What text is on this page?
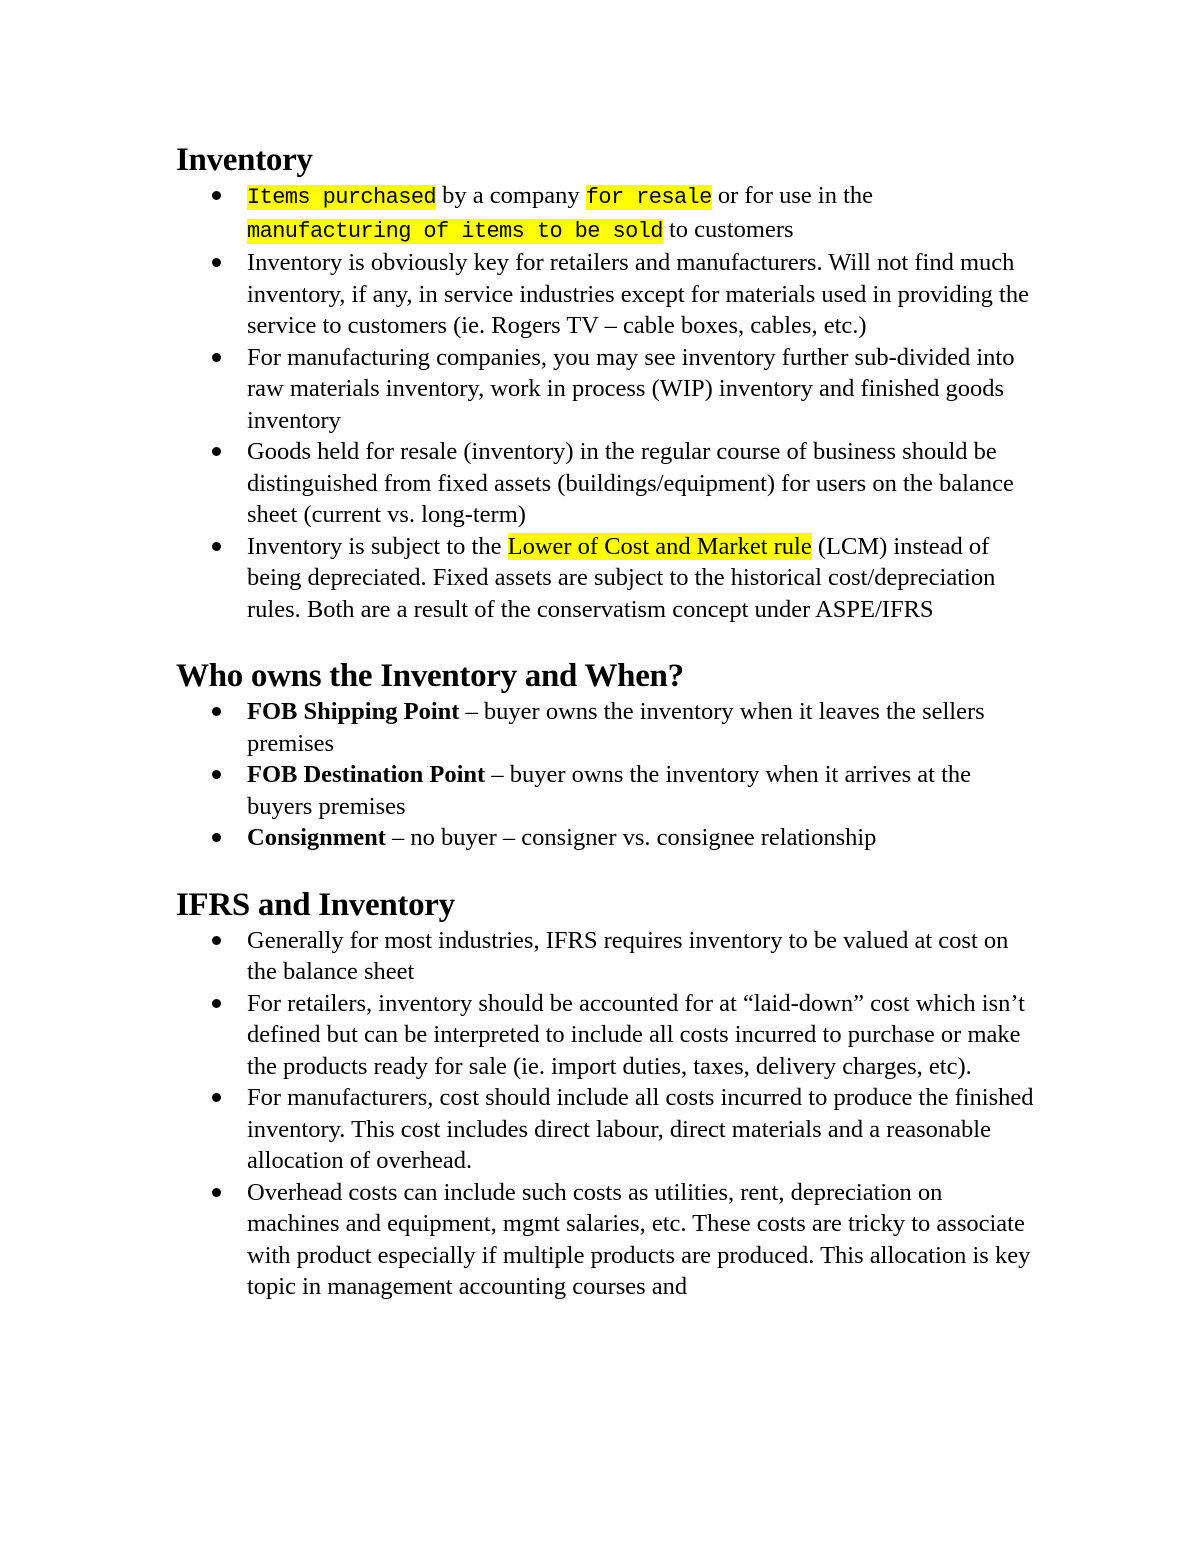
Inventory
Items purchased by a company for resale or for use in the manufacturing of items to be sold to customers
Inventory is obviously key for retailers and manufacturers. Will not find much inventory, if any, in service industries except for materials used in providing the service to customers (ie. Rogers TV – cable boxes, cables, etc.)
For manufacturing companies, you may see inventory further sub-divided into raw materials inventory, work in process (WIP) inventory and finished goods inventory
Goods held for resale (inventory) in the regular course of business should be distinguished from fixed assets (buildings/equipment) for users on the balance sheet (current vs. long-term)
Inventory is subject to the Lower of Cost and Market rule (LCM) instead of being depreciated. Fixed assets are subject to the historical cost/depreciation rules. Both are a result of the conservatism concept under ASPE/IFRS
Who owns the Inventory and When?
FOB Shipping Point – buyer owns the inventory when it leaves the sellers premises
FOB Destination Point – buyer owns the inventory when it arrives at the buyers premises
Consignment – no buyer – consigner vs. consignee relationship
IFRS and Inventory
Generally for most industries, IFRS requires inventory to be valued at cost on the balance sheet
For retailers, inventory should be accounted for at “laid-down” cost which isn’t defined but can be interpreted to include all costs incurred to purchase or make the products ready for sale (ie. import duties, taxes, delivery charges, etc).
For manufacturers, cost should include all costs incurred to produce the finished inventory. This cost includes direct labour, direct materials and a reasonable allocation of overhead.
Overhead costs can include such costs as utilities, rent, depreciation on machines and equipment, mgmt salaries, etc. These costs are tricky to associate with product especially if multiple products are produced. This allocation is key topic in management accounting courses and
